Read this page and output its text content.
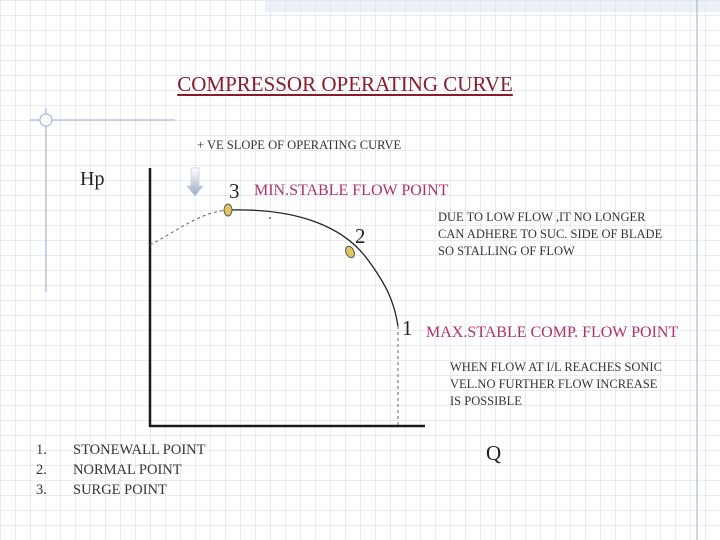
COMPRESSOR OPERATING CURVE
+ VE SLOPE OF OPERATING CURVE
Hp	3 MIN.STABLE FLOW POINT
2
DUE TO LOW FLOW ,IT NO LONGER
CAN ADHERE TO SUC. SIDE OF BLADE
SO STALLING OF FLOW
1 MAX.STABLE COMP. FLOW POINT
WHEN FLOW AT I/L REACHES SONIC
VEL.NO FURTHER FLOW INCREASE
IS POSSIBLE
Q
1.	STONEWALL POINT
2.	NORMAL POINT
3.	SURGE POINT
